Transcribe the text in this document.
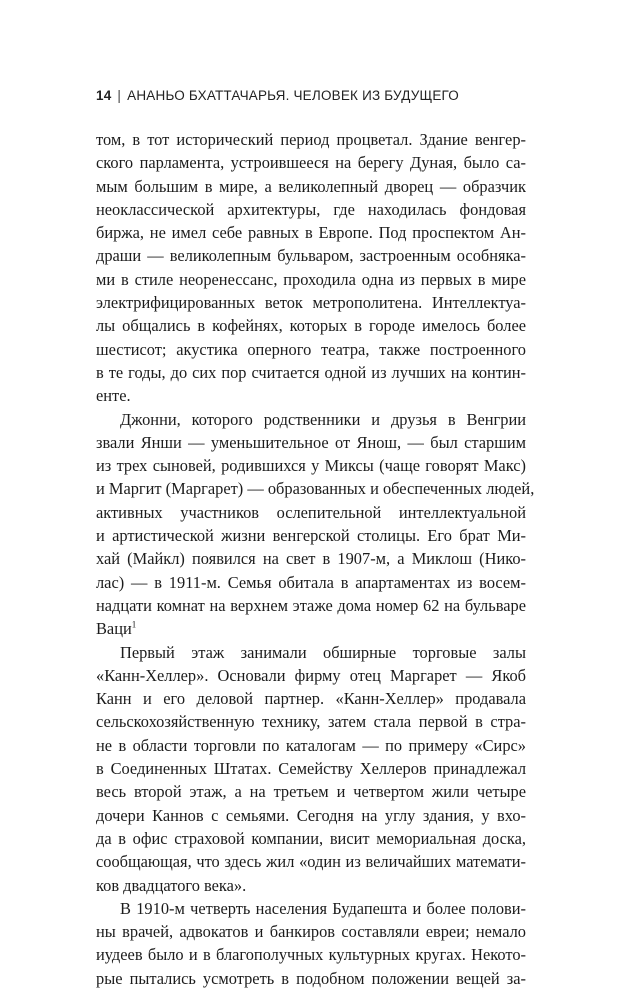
14 | АНАНЬО БХАТТАЧАРЬЯ. ЧЕЛОВЕК ИЗ БУДУЩЕГО
том, в тот исторический период процветал. Здание венгер-
ского парламента, устроившееся на берегу Дуная, было са-
мым большим в мире, а великолепный дворец — образчик
неоклассической архитектуры, где находилась фондовая
биржа, не имел себе равных в Европе. Под проспектом Ан-
драши — великолепным бульваром, застроенным особняка-
ми в стиле неоренессанс, проходила одна из первых в мире
электрифицированных веток метрополитена. Интеллектуа-
лы общались в кофейнях, которых в городе имелось более
шестисот; акустика оперного театра, также построенного
в те годы, до сих пор считается одной из лучших на контин-
енте.
Джонни, которого родственники и друзья в Венгрии
звали Янши — уменьшительное от Янош, — был старшим
из трех сыновей, родившихся у Миксы (чаще говорят Макс)
и Маргит (Маргарет) — образованных и обеспеченных людей,
активных участников ослепительной интеллектуальной
и артистической жизни венгерской столицы. Его брат Ми-
хай (Майкл) появился на свет в 1907-м, а Миклош (Нико-
лас) — в 1911-м. Семья обитала в апартаментах из восем-
надцати комнат на верхнем этаже дома номер 62 на бульваре
Ваци$^1$
Первый этаж занимали обширные торговые залы
«Канн-Хеллер». Основали фирму отец Маргарет — Якоб
Канн и его деловой партнер. «Канн-Хеллер» продавала
сельскохозяйственную технику, затем стала первой в стра-
не в области торговли по каталогам — по примеру «Сирс»
в Соединенных Штатах. Семейству Хеллеров принадлежал
весь второй этаж, а на третьем и четвертом жили четыре
дочери Каннов с семьями. Сегодня на углу здания, у вхо-
да в офис страховой компании, висит мемориальная доска,
сообщающая, что здесь жил «один из величайших математи-
ков двадцатого века».
В 1910-м четверть населения Будапешта и более полови-
ны врачей, адвокатов и банкиров составляли евреи; немало
иудеев было и в благополучных культурных кругах. Некото-
рые пытались усмотреть в подобном положении вещей за-
